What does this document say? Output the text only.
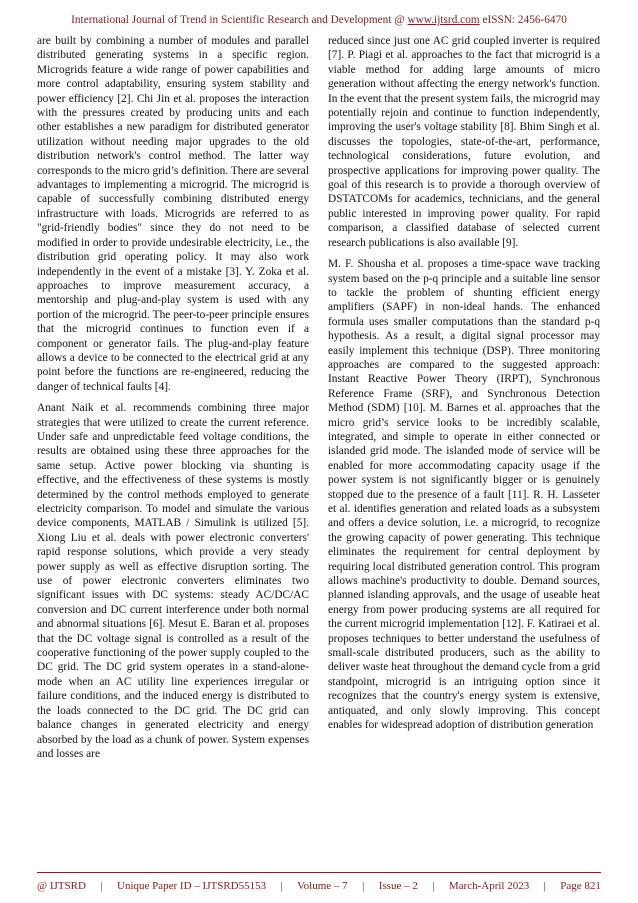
International Journal of Trend in Scientific Research and Development @ www.ijtsrd.com eISSN: 2456-6470

are built by combining a number of modules and parallel distributed generating systems in a specific region. Microgrids feature a wide range of power capabilities and more control adaptability, ensuring system stability and power efficiency [2]. Chi Jin et al. proposes the interaction with the pressures created by producing units and each other establishes a new paradigm for distributed generator utilization without needing major upgrades to the old distribution network's control method. The latter way corresponds to the micro grid’s definition. There are several advantages to implementing a microgrid. The microgrid is capable of successfully combining distributed energy infrastructure with loads. Microgrids are referred to as "grid-friendly bodies" since they do not need to be modified in order to provide undesirable electricity, i.e., the distribution grid operating policy. It may also work independently in the event of a mistake [3]. Y. Zoka et al. approaches to improve measurement accuracy, a mentorship and plug-and-play system is used with any portion of the microgrid. The peer-to-peer principle ensures that the microgrid continues to function even if a component or generator fails. The plug-and-play feature allows a device to be connected to the electrical grid at any point before the functions are re-engineered, reducing the danger of technical faults [4].

Anant Naik et al. recommends combining three major strategies that were utilized to create the current reference. Under safe and unpredictable feed voltage conditions, the results are obtained using these three approaches for the same setup. Active power blocking via shunting is effective, and the effectiveness of these systems is mostly determined by the control methods employed to generate electricity comparison. To model and simulate the various device components, MATLAB / Simulink is utilized [5]. Xiong Liu et al. deals with power electronic converters' rapid response solutions, which provide a very steady power supply as well as effective disruption sorting. The use of power electronic converters eliminates two significant issues with DC systems: steady AC/DC/AC conversion and DC current interference under both normal and abnormal situations [6]. Mesut E. Baran et al. proposes that the DC voltage signal is controlled as a result of the cooperative functioning of the power supply coupled to the DC grid. The DC grid system operates in a stand-alone-mode when an AC utility line experiences irregular or failure conditions, and the induced energy is distributed to the loads connected to the DC grid. The DC grid can balance changes in generated electricity and energy absorbed by the load as a chunk of power. System expenses and losses are

reduced since just one AC grid coupled inverter is required [7]. P. Piagi et al. approaches to the fact that microgrid is a viable method for adding large amounts of micro generation without affecting the energy network's function. In the event that the present system fails, the microgrid may potentially rejoin and continue to function independently, improving the user's voltage stability [8]. Bhim Singh et al. discusses the topologies, state-of-the-art, performance, technological considerations, future evolution, and prospective applications for improving power quality. The goal of this research is to provide a thorough overview of DSTATCOMs for academics, technicians, and the general public interested in improving power quality. For rapid comparison, a classified database of selected current research publications is also available [9].

M. F. Shousha et al. proposes a time-space wave tracking system based on the p-q principle and a suitable line sensor to tackle the problem of shunting efficient energy amplifiers (SAPF) in non-ideal hands. The enhanced formula uses smaller computations than the standard p-q hypothesis. As a result, a digital signal processor may easily implement this technique (DSP). Three monitoring approaches are compared to the suggested approach: Instant Reactive Power Theory (IRPT), Synchronous Reference Frame (SRF), and Synchronous Detection Method (SDM) [10]. M. Barnes et al. approaches that the micro grid’s service looks to be incredibly scalable, integrated, and simple to operate in either connected or islanded grid mode. The islanded mode of service will be enabled for more accommodating capacity usage if the power system is not significantly bigger or is genuinely stopped due to the presence of a fault [11]. R. H. Lasseter et al. identifies generation and related loads as a subsystem and offers a device solution, i.e. a microgrid, to recognize the growing capacity of power generating. This technique eliminates the requirement for central deployment by requiring local distributed generation control. This program allows machine's productivity to double. Demand sources, planned islanding approvals, and the usage of useable heat energy from power producing systems are all required for the current microgrid implementation [12]. F. Katiraei et al. proposes techniques to better understand the usefulness of small-scale distributed producers, such as the ability to deliver waste heat throughout the demand cycle from a grid standpoint, microgrid is an intriguing option since it recognizes that the country's energy system is extensive, antiquated, and only slowly improving. This concept enables for widespread adoption of distribution generation

@ IJTSRD | Unique Paper ID – IJTSRD55153 | Volume – 7 | Issue – 2 | March-April 2023 | Page 821
